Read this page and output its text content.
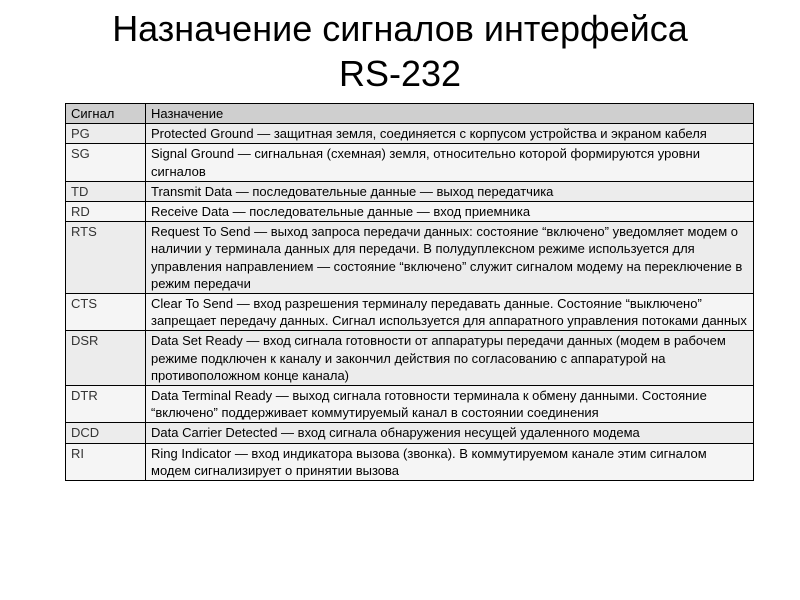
Назначение сигналов интерфейса
RS-232
Сигнал	Назначение
PG	Protected Ground — защитная земля, соединяется с корпусом устройства и экраном кабеля
SG	Signal Ground — сигнальная (схемная) земля, относительно которой формируются уровни сигналов
TD	Transmit Data — последовательные данные — выход передатчика
RD	Receive Data — последовательные данные — вход приемника
RTS	Request To Send — выход запроса передачи данных: состояние “включено” уведомляет модем о наличии у терминала данных для передачи. В полудуплексном режиме используется для управления направлением — состояние “включено” служит сигналом модему на переключение в режим передачи
CTS	Clear To Send — вход разрешения терминалу передавать данные. Состояние “выключено” запрещает передачу данных. Сигнал используется для аппаратного управления потоками данных
DSR	Data Set Ready — вход сигнала готовности от аппаратуры передачи данных (модем в рабочем режиме подключен к каналу и закончил действия по согласованию с аппаратурой на противоположном конце канала)
DTR	Data Terminal Ready — выход сигнала готовности терминала к обмену данными. Состояние “включено” поддерживает коммутируемый канал в состоянии соединения
DCD	Data Carrier Detected — вход сигнала обнаружения несущей удаленного модема
RI	Ring Indicator — вход индикатора вызова (звонка). В коммутируемом канале этим сигналом модем сигнализирует о принятии вызова
